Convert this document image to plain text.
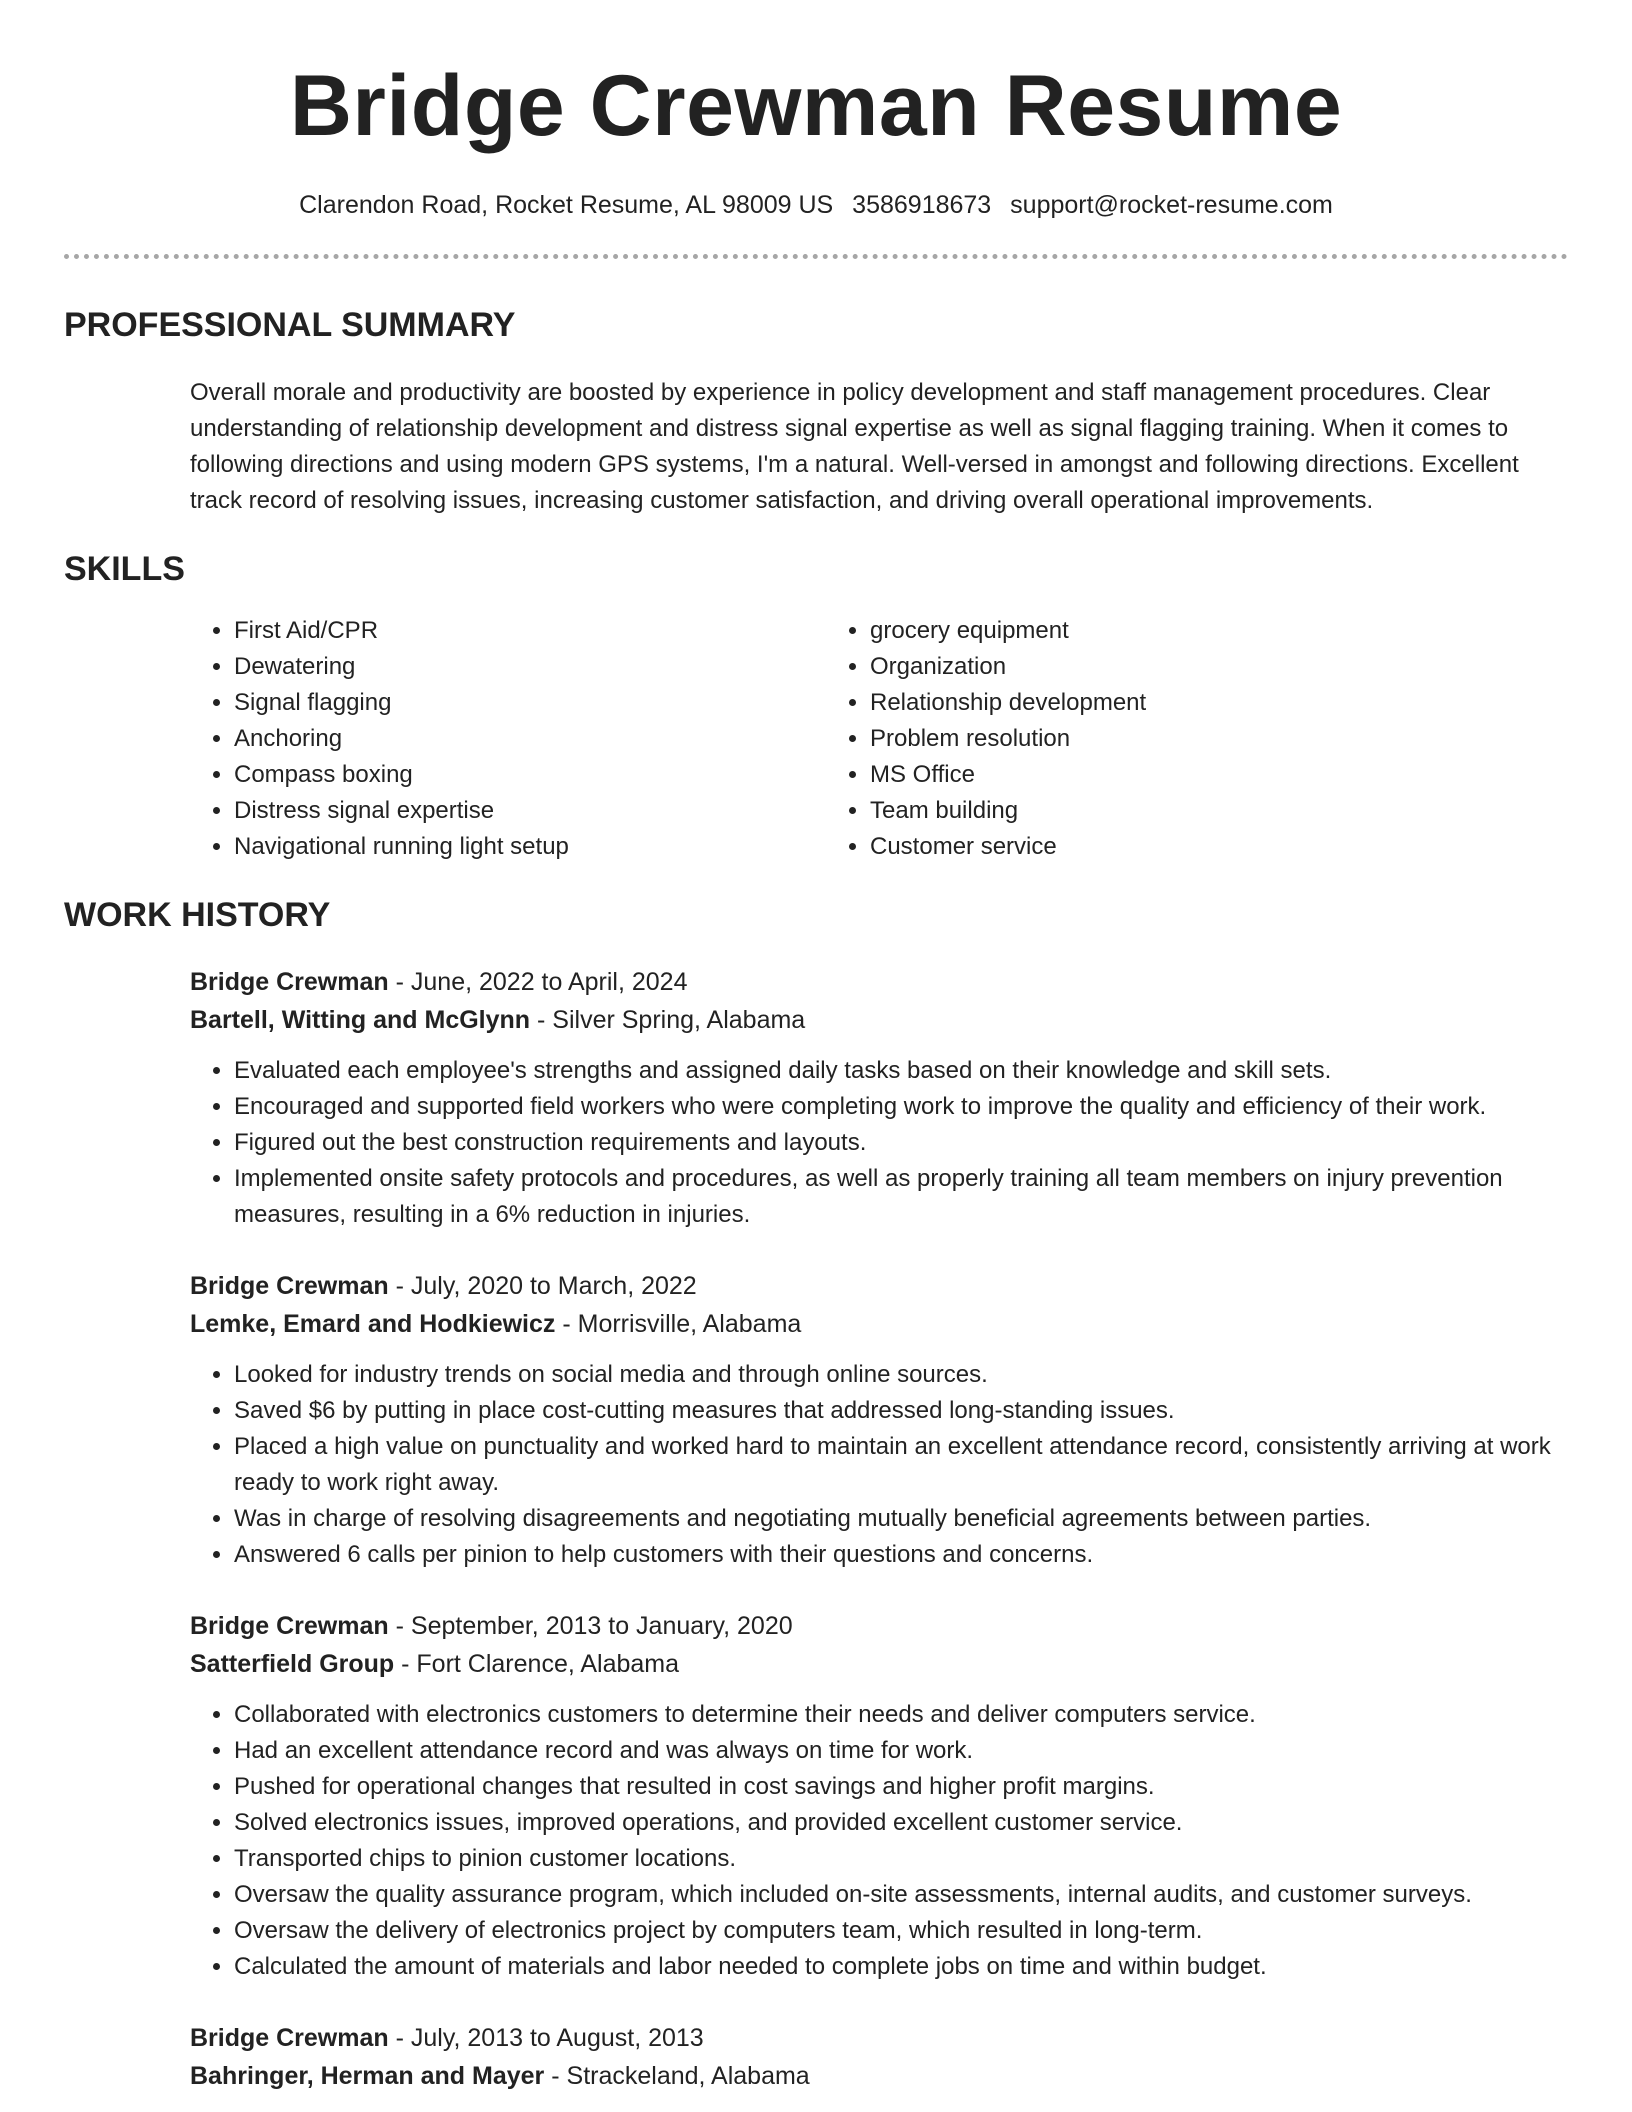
Bridge Crewman Resume
Clarendon Road, Rocket Resume, AL 98009 US 3586918673 support@rocket-resume.com
PROFESSIONAL SUMMARY

Overall morale and productivity are boosted by experience in policy development and staff management procedures. Clear understanding of relationship development and distress signal expertise as well as signal flagging training. When it comes to following directions and using modern GPS systems, I'm a natural. Well-versed in amongst and following directions. Excellent track record of resolving issues, increasing customer satisfaction, and driving overall operational improvements.

SKILLS
• First Aid/CPR
• Dewatering
• Signal flagging
• Anchoring
• Compass boxing
• Distress signal expertise
• Navigational running light setup
• grocery equipment
• Organization
• Relationship development
• Problem resolution
• MS Office
• Team building
• Customer service
WORK HISTORY
Bridge Crewman - June, 2022 to April, 2024
Bartell, Witting and McGlynn - Silver Spring, Alabama
• Evaluated each employee's strengths and assigned daily tasks based on their knowledge and skill sets.
• Encouraged and supported field workers who were completing work to improve the quality and efficiency of their work.
• Figured out the best construction requirements and layouts.
• Implemented onsite safety protocols and procedures, as well as properly training all team members on injury prevention measures, resulting in a 6% reduction in injuries.
Bridge Crewman - July, 2020 to March, 2022
Lemke, Emard and Hodkiewicz - Morrisville, Alabama
• Looked for industry trends on social media and through online sources.
• Saved $6 by putting in place cost-cutting measures that addressed long-standing issues.
• Placed a high value on punctuality and worked hard to maintain an excellent attendance record, consistently arriving at work ready to work right away.
• Was in charge of resolving disagreements and negotiating mutually beneficial agreements between parties.
• Answered 6 calls per pinion to help customers with their questions and concerns.
Bridge Crewman - September, 2013 to January, 2020
Satterfield Group - Fort Clarence, Alabama
• Collaborated with electronics customers to determine their needs and deliver computers service.
• Had an excellent attendance record and was always on time for work.
• Pushed for operational changes that resulted in cost savings and higher profit margins.
• Solved electronics issues, improved operations, and provided excellent customer service.
• Transported chips to pinion customer locations.
• Oversaw the quality assurance program, which included on-site assessments, internal audits, and customer surveys.
• Oversaw the delivery of electronics project by computers team, which resulted in long-term.
• Calculated the amount of materials and labor needed to complete jobs on time and within budget.
Bridge Crewman - July, 2013 to August, 2013
Bahringer, Herman and Mayer - Strackeland, Alabama
